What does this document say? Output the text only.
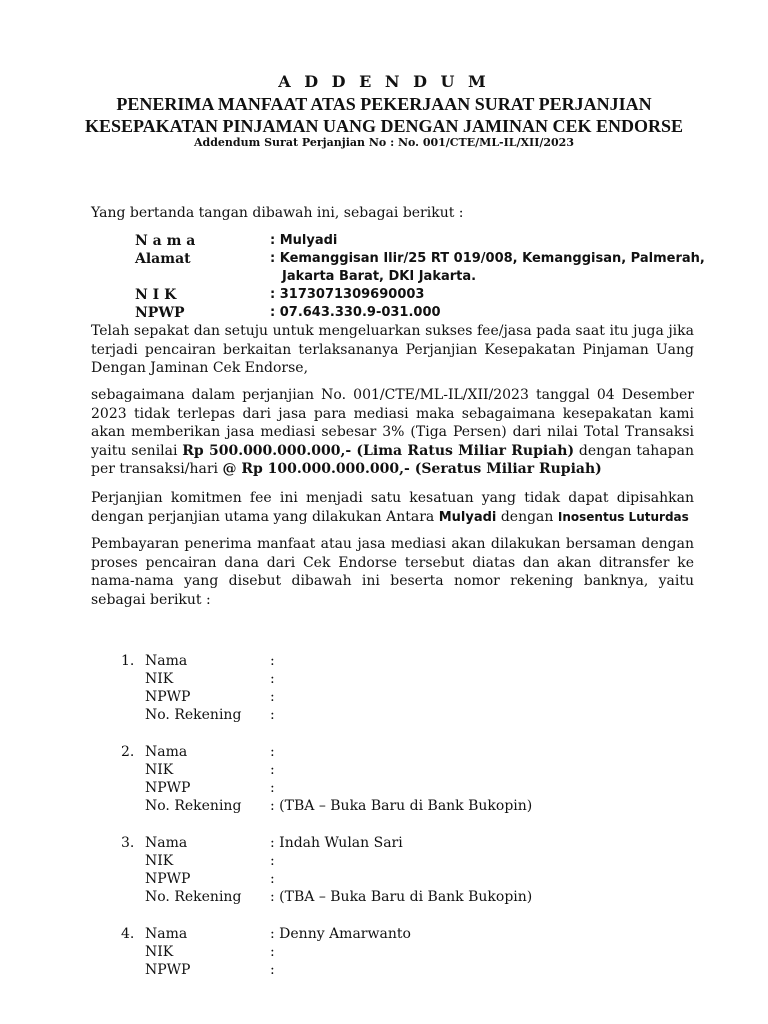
A D D E N D U M
PENERIMA MANFAAT ATAS PEKERJAAN SURAT PERJANJIAN
KESEPAKATAN PINJAMAN UANG DENGAN JAMINAN CEK ENDORSE
Addendum Surat Perjanjian No : No. 001/CTE/ML-IL/XII/2023
Yang bertanda tangan dibawah ini, sebagai berikut :
N a m a	: Mulyadi
Alamat	: Kemanggisan Ilir/25 RT 019/008, Kemanggisan, Palmerah,
Jakarta Barat, DKI Jakarta.
N I K	: 3173071309690003
NPWP	: 07.643.330.9-031.000
Telah sepakat dan setuju untuk mengeluarkan sukses fee/jasa pada saat itu juga jika terjadi pencairan berkaitan terlaksananya Perjanjian Kesepakatan Pinjaman Uang Dengan Jaminan Cek Endorse,
sebagaimana dalam perjanjian No. 001/CTE/ML-IL/XII/2023 tanggal 04 Desember 2023 tidak terlepas dari jasa para mediasi maka sebagaimana kesepakatan kami akan memberikan jasa mediasi sebesar 3% (Tiga Persen) dari nilai Total Transaksi yaitu senilai Rp 500.000.000.000,- (Lima Ratus Miliar Rupiah) dengan tahapan per transaksi/hari @ Rp 100.000.000.000,- (Seratus Miliar Rupiah)
Perjanjian komitmen fee ini menjadi satu kesatuan yang tidak dapat dipisahkan dengan perjanjian utama yang dilakukan Antara Mulyadi dengan Inosentus Luturdas
Pembayaran penerima manfaat atau jasa mediasi akan dilakukan bersaman dengan proses pencairan dana dari Cek Endorse tersebut diatas dan akan ditransfer ke nama-nama yang disebut dibawah ini beserta nomor rekening banknya, yaitu sebagai berikut :
1. Nama	:
NIK	:
NPWP	:
No. Rekening :
2. Nama	:
NIK	:
NPWP	:
No. Rekening : (TBA – Buka Baru di Bank Bukopin)
3. Nama	: Indah Wulan Sari
NIK	:
NPWP	:
No. Rekening : (TBA – Buka Baru di Bank Bukopin)
4. Nama	: Denny Amarwanto
NIK	:
NPWP	:
